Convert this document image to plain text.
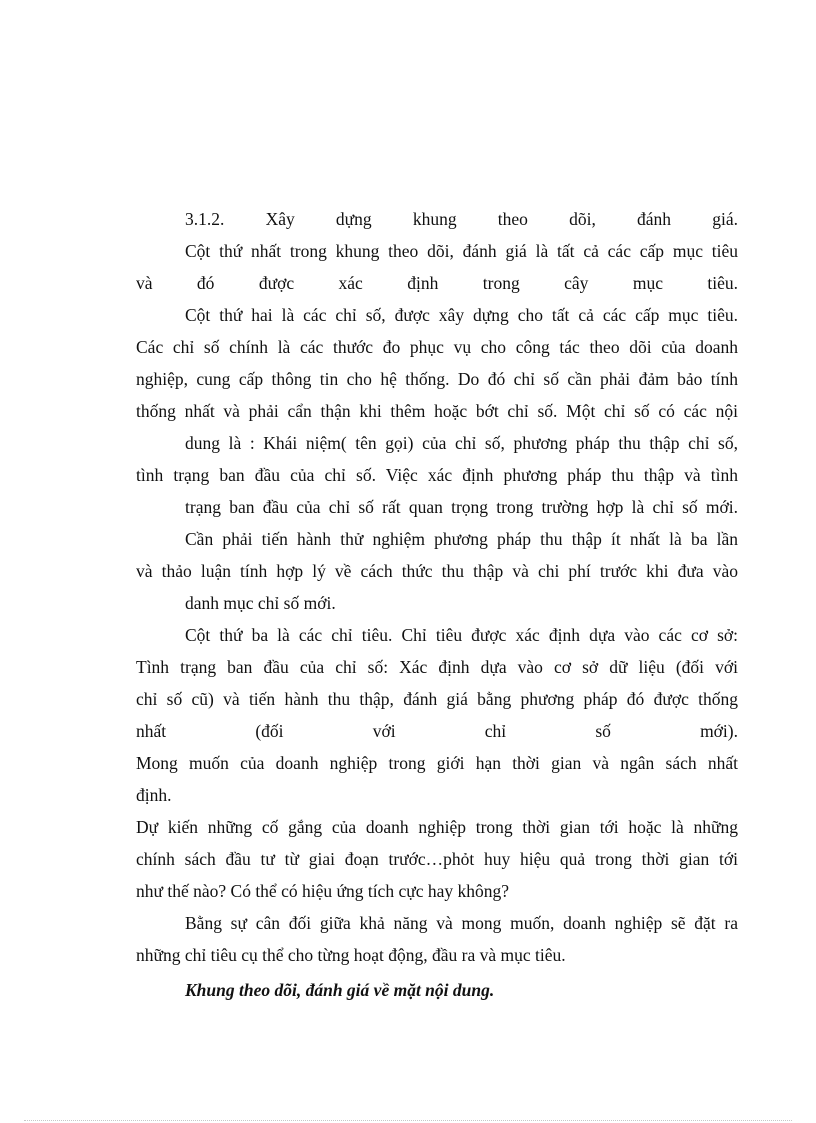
3.1.2. Xây dựng khung theo dõi, đánh giá.
Cột thứ nhất trong khung theo dõi, đánh giá là tất cả các cấp mục tiêu
và đó được xác định trong cây mục tiêu.
Cột thứ hai là các chỉ số, được xây dựng cho tất cả các cấp mục tiêu.
Các chỉ số chính là các thước đo phục vụ cho công tác theo dõi của doanh
nghiệp, cung cấp thông tin cho hệ thống. Do đó chỉ số cần phải đảm bảo tính
thống nhất và phải cẩn thận khi thêm hoặc bớt chỉ số. Một chỉ số có các nội
dung là : Khái niệm( tên gọi) của chỉ số, phương pháp thu thập chỉ số,
tình trạng ban đầu của chỉ số. Việc xác định phương pháp thu thập và tình
trạng ban đầu của chỉ số rất quan trọng trong trường hợp là chỉ số mới.
Cần phải tiến hành thử nghiệm phương pháp thu thập ít nhất là ba lần
và thảo luận tính hợp lý về cách thức thu thập và chi phí trước khi đưa vào
danh mục chỉ số mới.
Cột thứ ba là các chỉ tiêu. Chỉ tiêu được xác định dựa vào các cơ sở:
Tình trạng ban đầu của chỉ số: Xác định dựa vào cơ sở dữ liệu (đối với
chỉ số cũ) và tiến hành thu thập, đánh giá bằng phương pháp đó được thống
nhất (đối với chỉ số mới).
Mong muốn của doanh nghiệp trong giới hạn thời gian và ngân sách nhất
định.
Dự kiến những cố gắng của doanh nghiệp trong thời gian tới hoặc là những
chính sách đầu tư từ giai đoạn trước…phỏt huy hiệu quả trong thời gian tới
như thế nào? Có thể có hiệu ứng tích cực hay không?
Bằng sự cân đối giữa khả năng và mong muốn, doanh nghiệp sẽ đặt ra
những chỉ tiêu cụ thể cho từng hoạt động, đầu ra và mục tiêu.
Khung theo dõi, đánh giá về mặt nội dung.
